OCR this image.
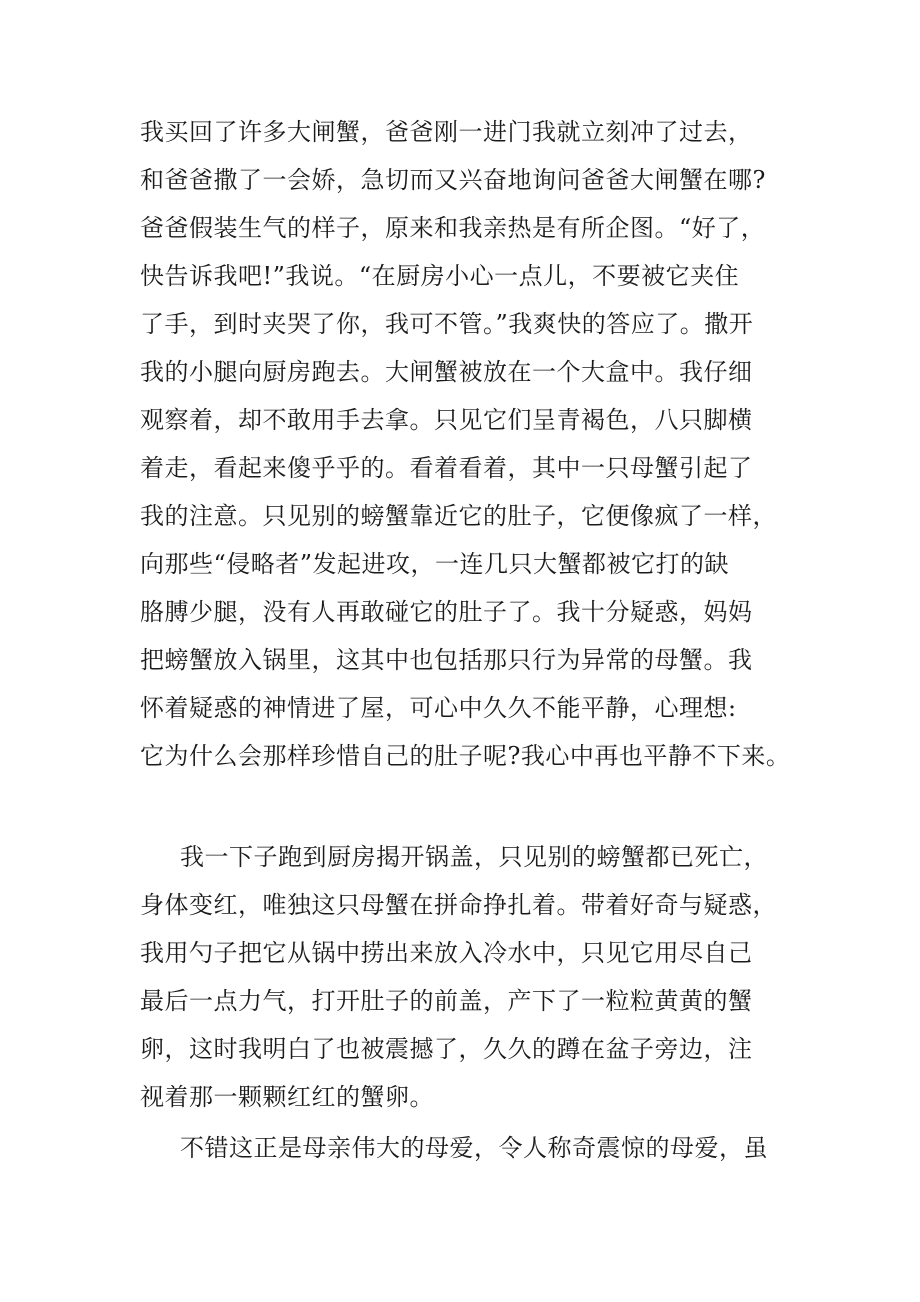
我买回了许多大闸蟹，爸爸刚一进门我就立刻冲了过去，
和爸爸撒了一会娇，急切而又兴奋地询问爸爸大闸蟹在哪?
爸爸假装生气的样子，原来和我亲热是有所企图。“好了，
快告诉我吧!”我说。“在厨房小心一点儿，不要被它夹住
了手，到时夹哭了你，我可不管。”我爽快的答应了。撒开
我的小腿向厨房跑去。大闸蟹被放在一个大盒中。我仔细
观察着，却不敢用手去拿。只见它们呈青褐色，八只脚横
着走，看起来傻乎乎的。看着看着，其中一只母蟹引起了
我的注意。只见别的螃蟹靠近它的肚子，它便像疯了一样，
向那些“侵略者”发起进攻，一连几只大蟹都被它打的缺
胳膊少腿，没有人再敢碰它的肚子了。我十分疑惑，妈妈
把螃蟹放入锅里，这其中也包括那只行为异常的母蟹。我
怀着疑惑的神情进了屋，可心中久久不能平静，心理想:
它为什么会那样珍惜自己的肚子呢?我心中再也平静不下来。
我一下子跑到厨房揭开锅盖，只见别的螃蟹都已死亡，
身体变红，唯独这只母蟹在拼命挣扎着。带着好奇与疑惑，
我用勺子把它从锅中捞出来放入冷水中，只见它用尽自己
最后一点力气，打开肚子的前盖，产下了一粒粒黄黄的蟹
卵，这时我明白了也被震撼了，久久的蹲在盆子旁边，注
视着那一颗颗红红的蟹卵。
不错这正是母亲伟大的母爱，令人称奇震惊的母爱，虽
